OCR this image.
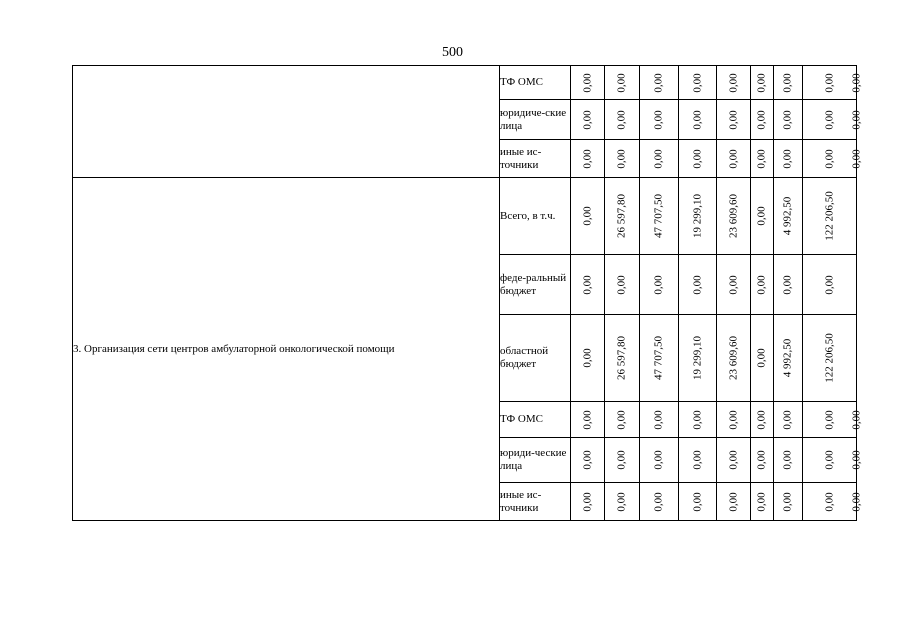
500
	ТФ ОМС	0,00	0,00	0,00	0,00	0,00	0,00	0,00	0,00	0,00

	юридиче-ские лица	0,00	0,00	0,00	0,00	0,00	0,00	0,00	0,00	0,00

	иные ис-точники	0,00	0,00	0,00	0,00	0,00	0,00	0,00	0,00	0,00

3. Организация сети центров амбулаторной онкологической помощи	Всего, в т.ч.	0,00	26 597,80	47 707,50	19 299,10	23 609,60	0,00	4 992,50	122 206,50	

	феде-ральный бюджет	0,00	0,00	0,00	0,00	0,00	0,00	0,00	0,00	

	областной бюджет	0,00	26 597,80	47 707,50	19 299,10	23 609,60	0,00	4 992,50	122 206,50	

	ТФ ОМС	0,00	0,00	0,00	0,00	0,00	0,00	0,00	0,00	0,00

	юриди-ческие лица	0,00	0,00	0,00	0,00	0,00	0,00	0,00	0,00	0,00

	иные ис-точники	0,00	0,00	0,00	0,00	0,00	0,00	0,00	0,00	0,00
